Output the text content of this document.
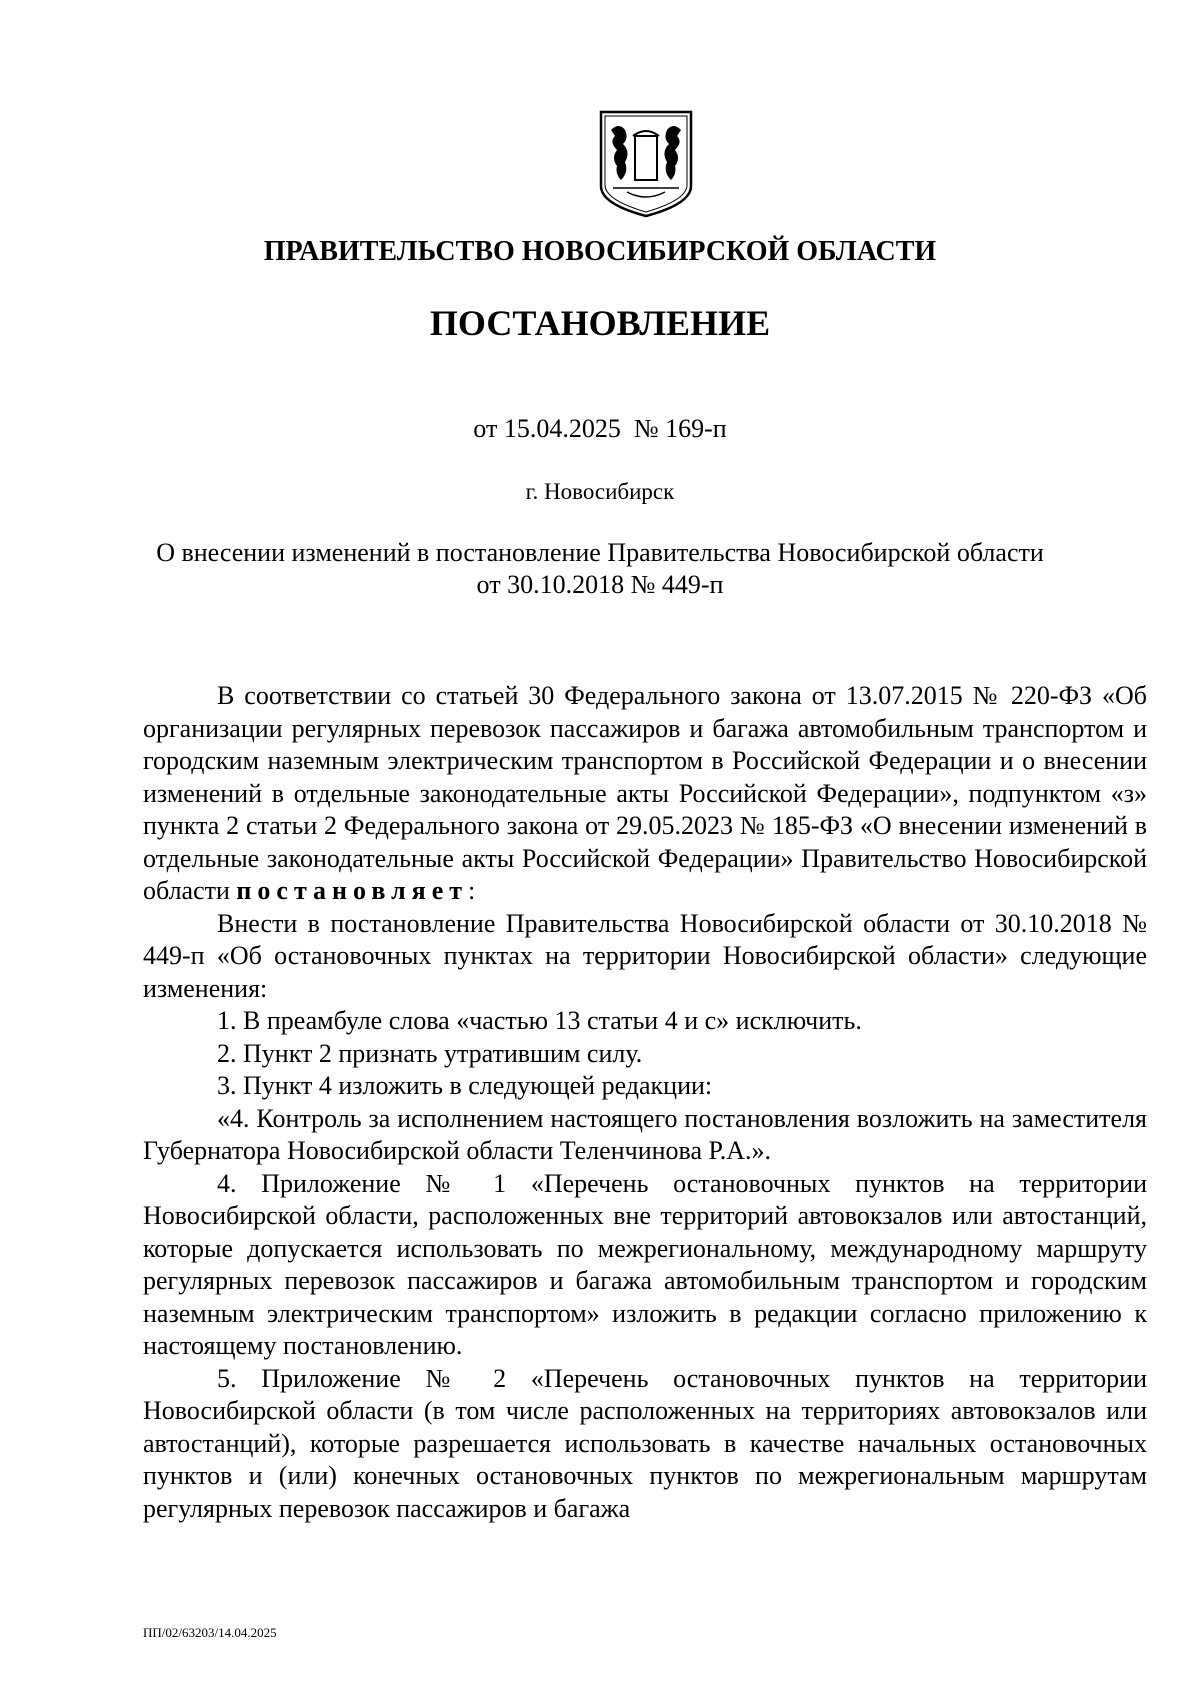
ПРАВИТЕЛЬСТВО НОВОСИБИРСКОЙ ОБЛАСТИ
ПОСТАНОВЛЕНИЕ
от 15.04.2025  № 169-п
г. Новосибирск
О внесении изменений в постановление Правительства Новосибирской области
от 30.10.2018 № 449-п

В соответствии со статьей 30 Федерального закона от 13.07.2015 № 220-ФЗ «Об организации регулярных перевозок пассажиров и багажа автомобильным транспортом и городским наземным электрическим транспортом в Российской Федерации и о внесении изменений в отдельные законодательные акты Российской Федерации», подпунктом «з» пункта 2 статьи 2 Федерального закона от 29.05.2023 № 185-ФЗ «О внесении изменений в отдельные законодательные акты Российской Федерации» Правительство Новосибирской области постановляет:

Внести в постановление Правительства Новосибирской области от 30.10.2018 № 449-п «Об остановочных пунктах на территории Новосибирской области» следующие изменения:

1. В преамбуле слова «частью 13 статьи 4 и с» исключить.

2. Пункт 2 признать утратившим силу.

3. Пункт 4 изложить в следующей редакции:

«4. Контроль за исполнением настоящего постановления возложить на заместителя Губернатора Новосибирской области Теленчинова Р.А.».

4. Приложение № 1 «Перечень остановочных пунктов на территории Новосибирской области, расположенных вне территорий автовокзалов или автостанций, которые допускается использовать по межрегиональному, международному маршруту регулярных перевозок пассажиров и багажа автомобильным транспортом и городским наземным электрическим транспортом» изложить в редакции согласно приложению к настоящему постановлению.

5. Приложение № 2 «Перечень остановочных пунктов на территории Новосибирской области (в том числе расположенных на территориях автовокзалов или автостанций), которые разрешается использовать в качестве начальных остановочных пунктов и (или) конечных остановочных пунктов по межрегиональным маршрутам регулярных перевозок пассажиров и багажа

ПП/02/63203/14.04.2025
